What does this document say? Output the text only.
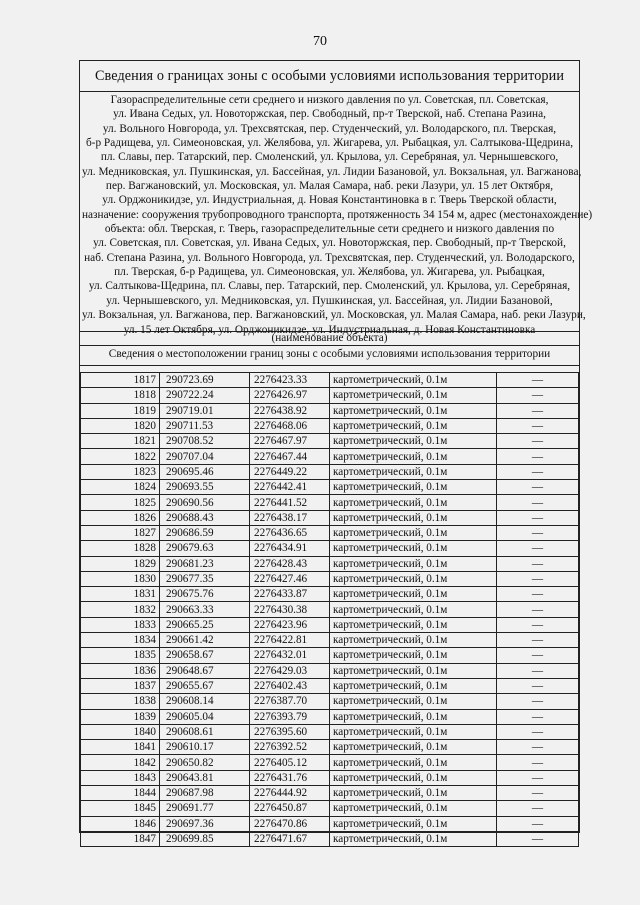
70
Сведения о границах зоны с особыми условиями использования территории
Газораспределительные сети среднего и низкого давления по ул. Советская, пл. Советская,
ул. Ивана Седых, ул. Новоторжская, пер. Свободный, пр-т Тверской, наб. Степана Разина,
ул. Вольного Новгорода, ул. Трехсвятская, пер. Студенческий, ул. Володарского, пл. Тверская,
б-р Радищева, ул. Симеоновская, ул. Желябова, ул. Жигарева, ул. Рыбацкая, ул. Салтыкова-Щедрина,
пл. Славы, пер. Татарский, пер. Смоленский, ул. Крылова, ул. Серебряная, ул. Чернышевского,
ул. Медниковская, ул. Пушкинская, ул. Бассейная, ул. Лидии Базановой, ул. Вокзальная, ул. Вагжанова,
пер. Вагжановский, ул. Московская, ул. Малая Самара, наб. реки Лазури, ул. 15 лет Октября,
ул. Орджоникидзе, ул. Индустриальная, д. Новая Константиновка в г. Тверь Тверской области,
назначение: сооружения трубопроводного транспорта, протяженность 34 154 м, адрес (местонахождение)
объекта: обл. Тверская, г. Тверь, газораспределительные сети среднего и низкого давления по
ул. Советская, пл. Советская, ул. Ивана Седых, ул. Новоторжская, пер. Свободный, пр-т Тверской,
наб. Степана Разина, ул. Вольного Новгорода, ул. Трехсвятская, пер. Студенческий, ул. Володарского,
пл. Тверская, б-р Радищева, ул. Симеоновская, ул. Желябова, ул. Жигарева, ул. Рыбацкая,
ул. Салтыкова-Щедрина, пл. Славы, пер. Татарский, пер. Смоленский, ул. Крылова, ул. Серебряная,
ул. Чернышевского, ул. Медниковская, ул. Пушкинская, ул. Бассейная, ул. Лидии Базановой,
ул. Вокзальная, ул. Вагжанова, пер. Вагжановский, ул. Московская, ул. Малая Самара, наб. реки Лазури,
ул. 15 лет Октября, ул. Орджоникидзе, ул. Индустриальная, д. Новая Константиновка
(наименование объекта)
Сведения о местоположении границ зоны с особыми условиями использования территории
1817	290723.69	2276423.33	картометрический, 0.1м	—
1818	290722.24	2276426.97	картометрический, 0.1м	—
1819	290719.01	2276438.92	картометрический, 0.1м	—
1820	290711.53	2276468.06	картометрический, 0.1м	—
1821	290708.52	2276467.97	картометрический, 0.1м	—
1822	290707.04	2276467.44	картометрический, 0.1м	—
1823	290695.46	2276449.22	картометрический, 0.1м	—
1824	290693.55	2276442.41	картометрический, 0.1м	—
1825	290690.56	2276441.52	картометрический, 0.1м	—
1826	290688.43	2276438.17	картометрический, 0.1м	—
1827	290686.59	2276436.65	картометрический, 0.1м	—
1828	290679.63	2276434.91	картометрический, 0.1м	—
1829	290681.23	2276428.43	картометрический, 0.1м	—
1830	290677.35	2276427.46	картометрический, 0.1м	—
1831	290675.76	2276433.87	картометрический, 0.1м	—
1832	290663.33	2276430.38	картометрический, 0.1м	—
1833	290665.25	2276423.96	картометрический, 0.1м	—
1834	290661.42	2276422.81	картометрический, 0.1м	—
1835	290658.67	2276432.01	картометрический, 0.1м	—
1836	290648.67	2276429.03	картометрический, 0.1м	—
1837	290655.67	2276402.43	картометрический, 0.1м	—
1838	290608.14	2276387.70	картометрический, 0.1м	—
1839	290605.04	2276393.79	картометрический, 0.1м	—
1840	290608.61	2276395.60	картометрический, 0.1м	—
1841	290610.17	2276392.52	картометрический, 0.1м	—
1842	290650.82	2276405.12	картометрический, 0.1м	—
1843	290643.81	2276431.76	картометрический, 0.1м	—
1844	290687.98	2276444.92	картометрический, 0.1м	—
1845	290691.77	2276450.87	картометрический, 0.1м	—
1846	290697.36	2276470.86	картометрический, 0.1м	—
1847	290699.85	2276471.67	картометрический, 0.1м	—
